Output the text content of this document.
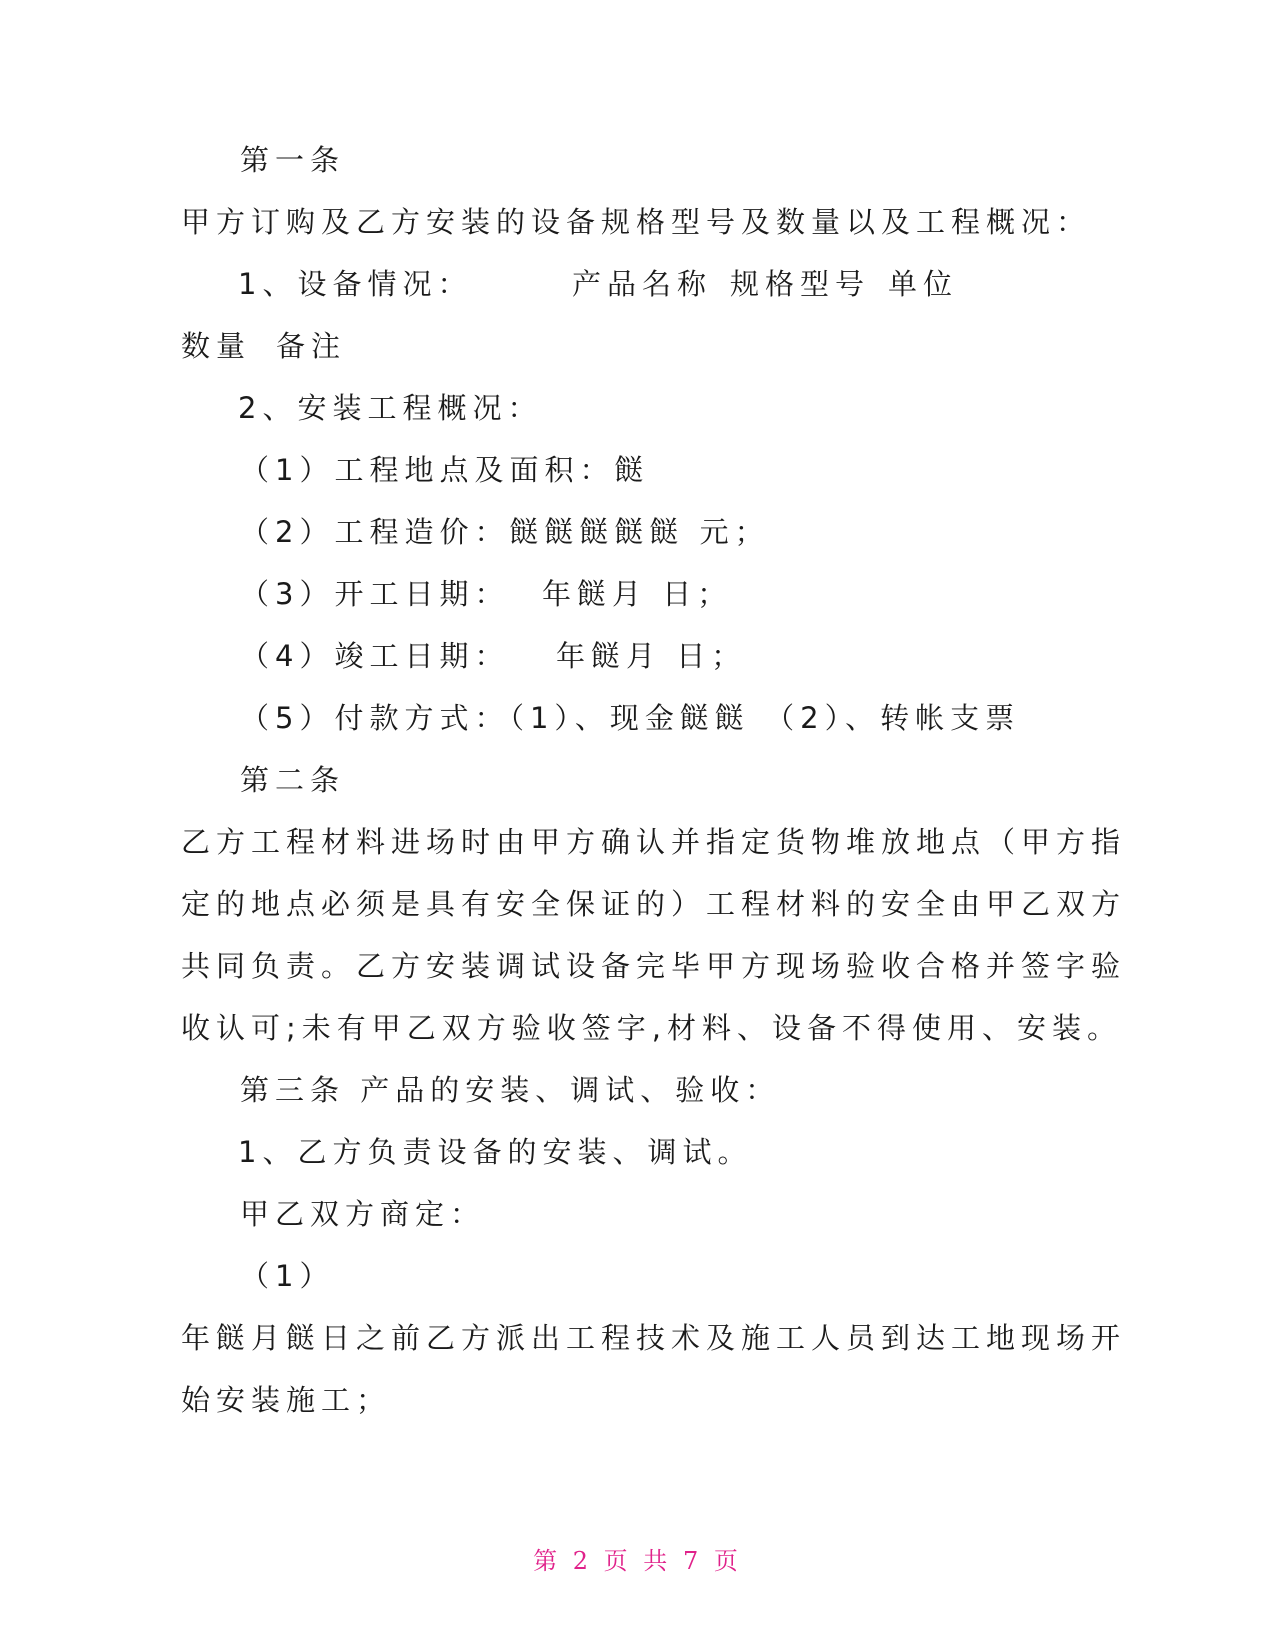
第一条
甲方订购及乙方安装的设备规格型号及数量以及工程概况：
1、设备情况：	产品名称 规格型号 单位
数量 备注
2、安装工程概况：
（1）工程地点及面积：餸
（2）工程造价：餸餸餸餸餸 元；
（3）开工日期： 年餸月 日；
（4）竣工日期： 年餸月 日；
（5）付款方式：（1）、现金餸餸 （2）、转帐支票
第二条
乙方工程材料进场时由甲方确认并指定货物堆放地点（甲方指
定的地点必须是具有安全保证的）工程材料的安全由甲乙双方
共同负责。乙方安装调试设备完毕甲方现场验收合格并签字验
收认可;未有甲乙双方验收签字,材料、设备不得使用、安装。
第三条 产品的安装、调试、验收：
1、乙方负责设备的安装、调试。
甲乙双方商定：
（1）
年餸月餸日之前乙方派出工程技术及施工人员到达工地现场开
始安装施工；
第 2 页 共 7 页
